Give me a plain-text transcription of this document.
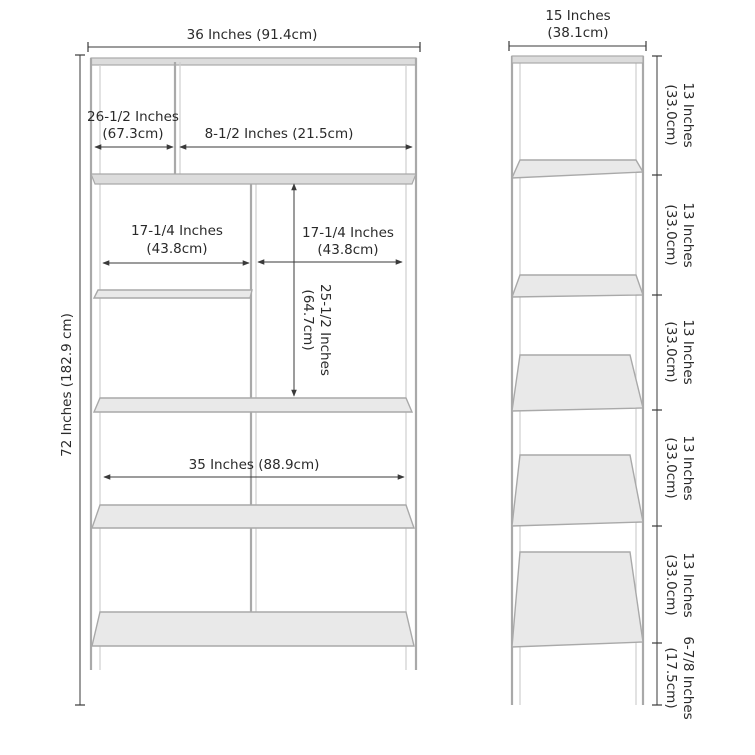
36 Inches (91.4cm)
72 Inches (182.9 cm)
26-1/2 Inches
(67.3cm)	8-1/2 Inches (21.5cm)
17-1/4 Inches
(43.8cm)
17-1/4 Inches
(43.8cm)
25-1/2 Inches
(64.7cm)
35 Inches (88.9cm)
15 Inches
(38.1cm)
13 Inches
(33.0cm)
13 Inches
(33.0cm)
13 Inches
(33.0cm)
13 Inches
(33.0cm)
13 Inches
(33.0cm)
6-7/8 Inches
(17.5cm)
